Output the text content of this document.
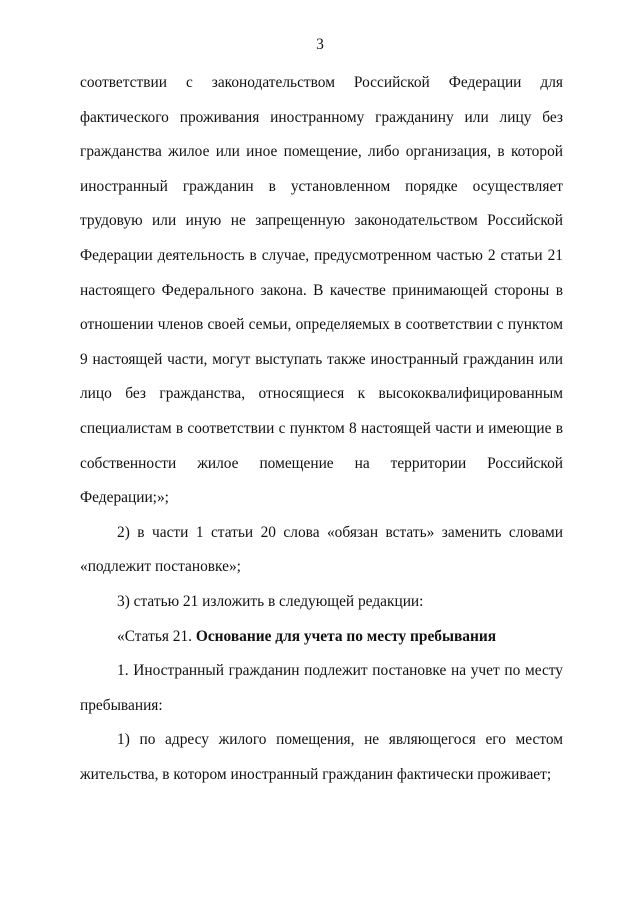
3

соответствии с законодательством Российской Федерации для фактического проживания иностранному гражданину или лицу без гражданства жилое или иное помещение, либо организация, в которой иностранный гражданин в установленном порядке осуществляет трудовую или иную не запрещенную законодательством Российской Федерации деятельность в случае, предусмотренном частью 2 статьи 21 настоящего Федерального закона. В качестве принимающей стороны в отношении членов своей семьи, определяемых в соответствии с пунктом 9 настоящей части, могут выступать также иностранный гражданин или лицо без гражданства, относящиеся к высококвалифицированным специалистам в соответствии с пунктом 8 настоящей части и имеющие в собственности жилое помещение на территории Российской Федерации;»;

2) в части 1 статьи 20 слова «обязан встать» заменить словами «подлежит постановке»;

3) статью 21 изложить в следующей редакции:

«Статья 21. Основание для учета по месту пребывания

1. Иностранный гражданин подлежит постановке на учет по месту пребывания:

1) по адресу жилого помещения, не являющегося его местом жительства, в котором иностранный гражданин фактически проживает;
